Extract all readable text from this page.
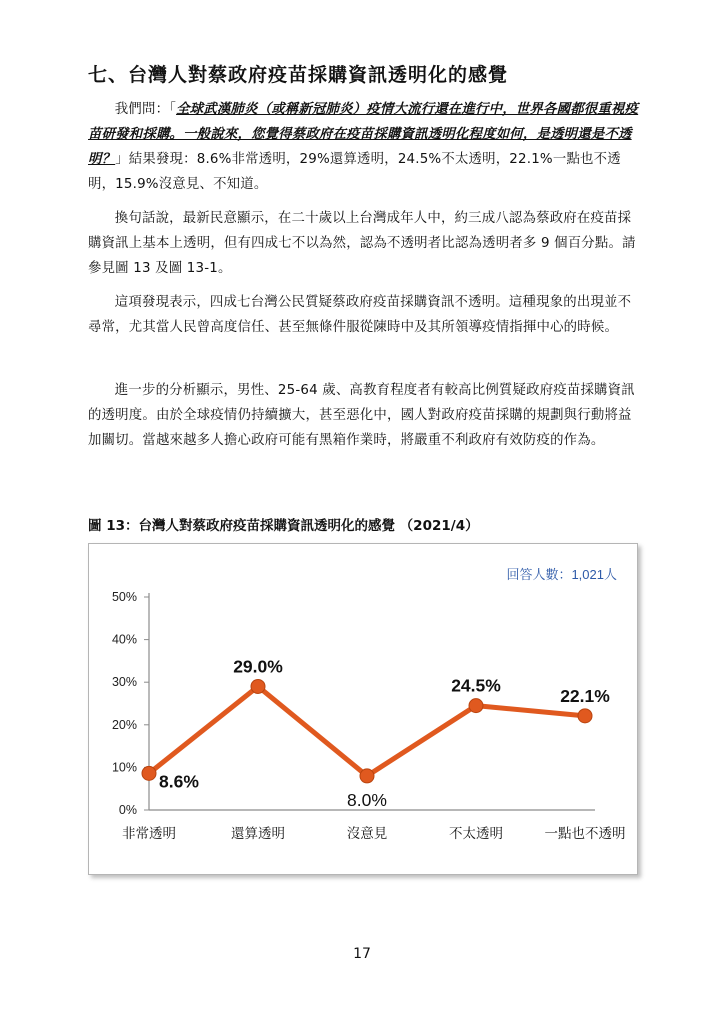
七、台灣人對蔡政府疫苗採購資訊透明化的感覺

我們問：「全球武漢肺炎（或稱新冠肺炎）疫情大流行還在進行中，世界各國都很重視疫苗研發和採購。一般說來，您覺得蔡政府在疫苗採購資訊透明化程度如何，是透明還是不透明？」結果發現：8.6%非常透明，29%還算透明，24.5%不太透明，22.1%一點也不透明，15.9%沒意見、不知道。

換句話說，最新民意顯示，在二十歲以上台灣成年人中，約三成八認為蔡政府在疫苗採購資訊上基本上透明，但有四成七不以為然，認為不透明者比認為透明者多 9 個百分點。請參見圖 13 及圖 13-1。

這項發現表示，四成七台灣公民質疑蔡政府疫苗採購資訊不透明。這種現象的出現並不尋常，尤其當人民曾高度信任、甚至無條件服從陳時中及其所領導疫情指揮中心的時候。

進一步的分析顯示，男性、25-64 歲、高教育程度者有較高比例質疑政府疫苗採購資訊的透明度。由於全球疫情仍持續擴大，甚至惡化中，國人對政府疫苗採購的規劃與行動將益加關切。當越來越多人擔心政府可能有黑箱作業時，將嚴重不利政府有效防疫的作為。

圖 13：台灣人對蔡政府疫苗採購資訊透明化的感覺 （2021/4）

0%
10%
20%
30%
40%
50%
非常透明	還算透明	沒意見	不太透明	一點也不透明
8.6%
29.0%
8.0%
24.5%
22.1%
回答人數：1,021人
17
